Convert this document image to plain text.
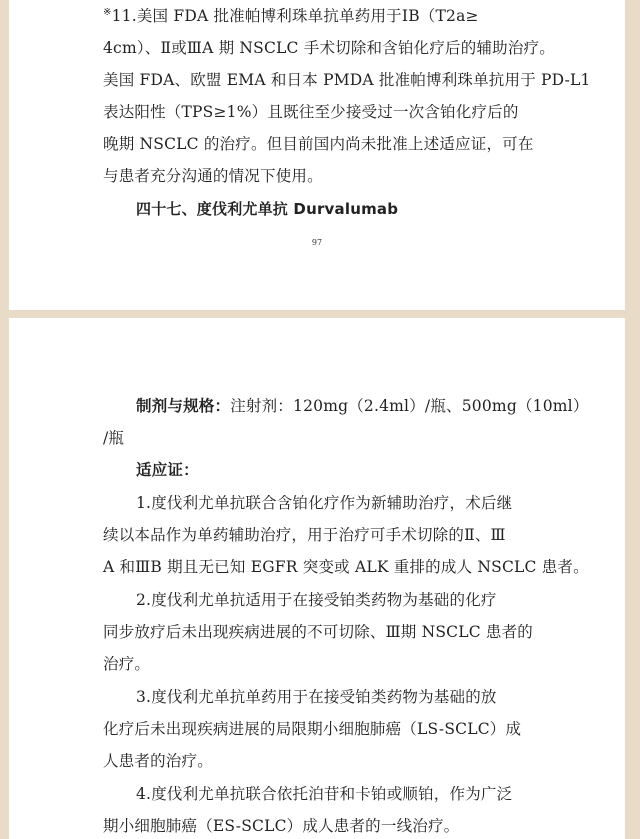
※11.美国 FDA 批准帕博利珠单抗单药用于ⅠB（T2a≥
4cm）、Ⅱ或ⅢA 期 NSCLC 手术切除和含铂化疗后的辅助治疗。
美国 FDA、欧盟 EMA 和日本 PMDA 批准帕博利珠单抗用于 PD-L1
表达阳性（TPS≥1%）且既往至少接受过一次含铂化疗后的
晚期 NSCLC 的治疗。但目前国内尚未批准上述适应证，可在
与患者充分沟通的情况下使用。
四十七、度伐利尤单抗 Durvalumab
97
制剂与规格：注射剂：120mg（2.4ml）/瓶、500mg（10ml）
/瓶
适应证：
1.度伐利尤单抗联合含铂化疗作为新辅助治疗，术后继
续以本品作为单药辅助治疗，用于治疗可手术切除的Ⅱ、Ⅲ
A 和ⅢB 期且无已知 EGFR 突变或 ALK 重排的成人 NSCLC 患者。
2.度伐利尤单抗适用于在接受铂类药物为基础的化疗
同步放疗后未出现疾病进展的不可切除、Ⅲ期 NSCLC 患者的
治疗。
3.度伐利尤单抗单药用于在接受铂类药物为基础的放
化疗后未出现疾病进展的局限期小细胞肺癌（LS-SCLC）成
人患者的治疗。
4.度伐利尤单抗联合依托泊苷和卡铂或顺铂，作为广泛
期小细胞肺癌（ES-SCLC）成人患者的一线治疗。
